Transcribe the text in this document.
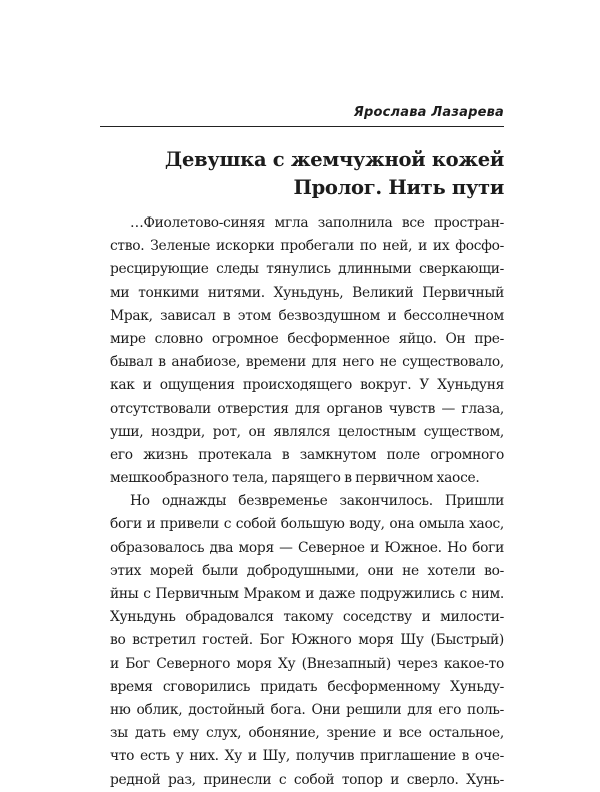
Ярослава Лазарева
Девушка с жемчужной кожей
Пролог. Нить пути
…Фиолетово-синяя мгла заполнила все простран-
ство. Зеленые искорки пробегали по ней, и их фосфо-
ресцирующие следы тянулись длинными сверкающи-
ми тонкими нитями. Хуньдунь, Великий Первичный
Мрак, зависал в этом безвоздушном и бессолнечном
мире словно огромное бесформенное яйцо. Он пре-
бывал в анабиозе, времени для него не существовало,
как и ощущения происходящего вокруг. У Хуньдуня
отсутствовали отверстия для органов чувств — глаза,
уши, ноздри, рот, он являлся целостным существом,
его жизнь протекала в замкнутом поле огромного
мешкообразного тела, парящего в первичном хаосе.
Но однажды безвременье закончилось. Пришли
боги и привели с собой большую воду, она омыла хаос,
образовалось два моря — Северное и Южное. Но боги
этих морей были добродушными, они не хотели во-
йны с Первичным Мраком и даже подружились с ним.
Хуньдунь обрадовался такому соседству и милости-
во встретил гостей. Бог Южного моря Шу (Быстрый)
и Бог Северного моря Ху (Внезапный) через какое-то
время сговорились придать бесформенному Хуньду-
ню облик, достойный бога. Они решили для его поль-
зы дать ему слух, обоняние, зрение и все остальное,
что есть у них. Ху и Шу, получив приглашение в оче-
редной раз, принесли с собой топор и сверло. Хунь-
